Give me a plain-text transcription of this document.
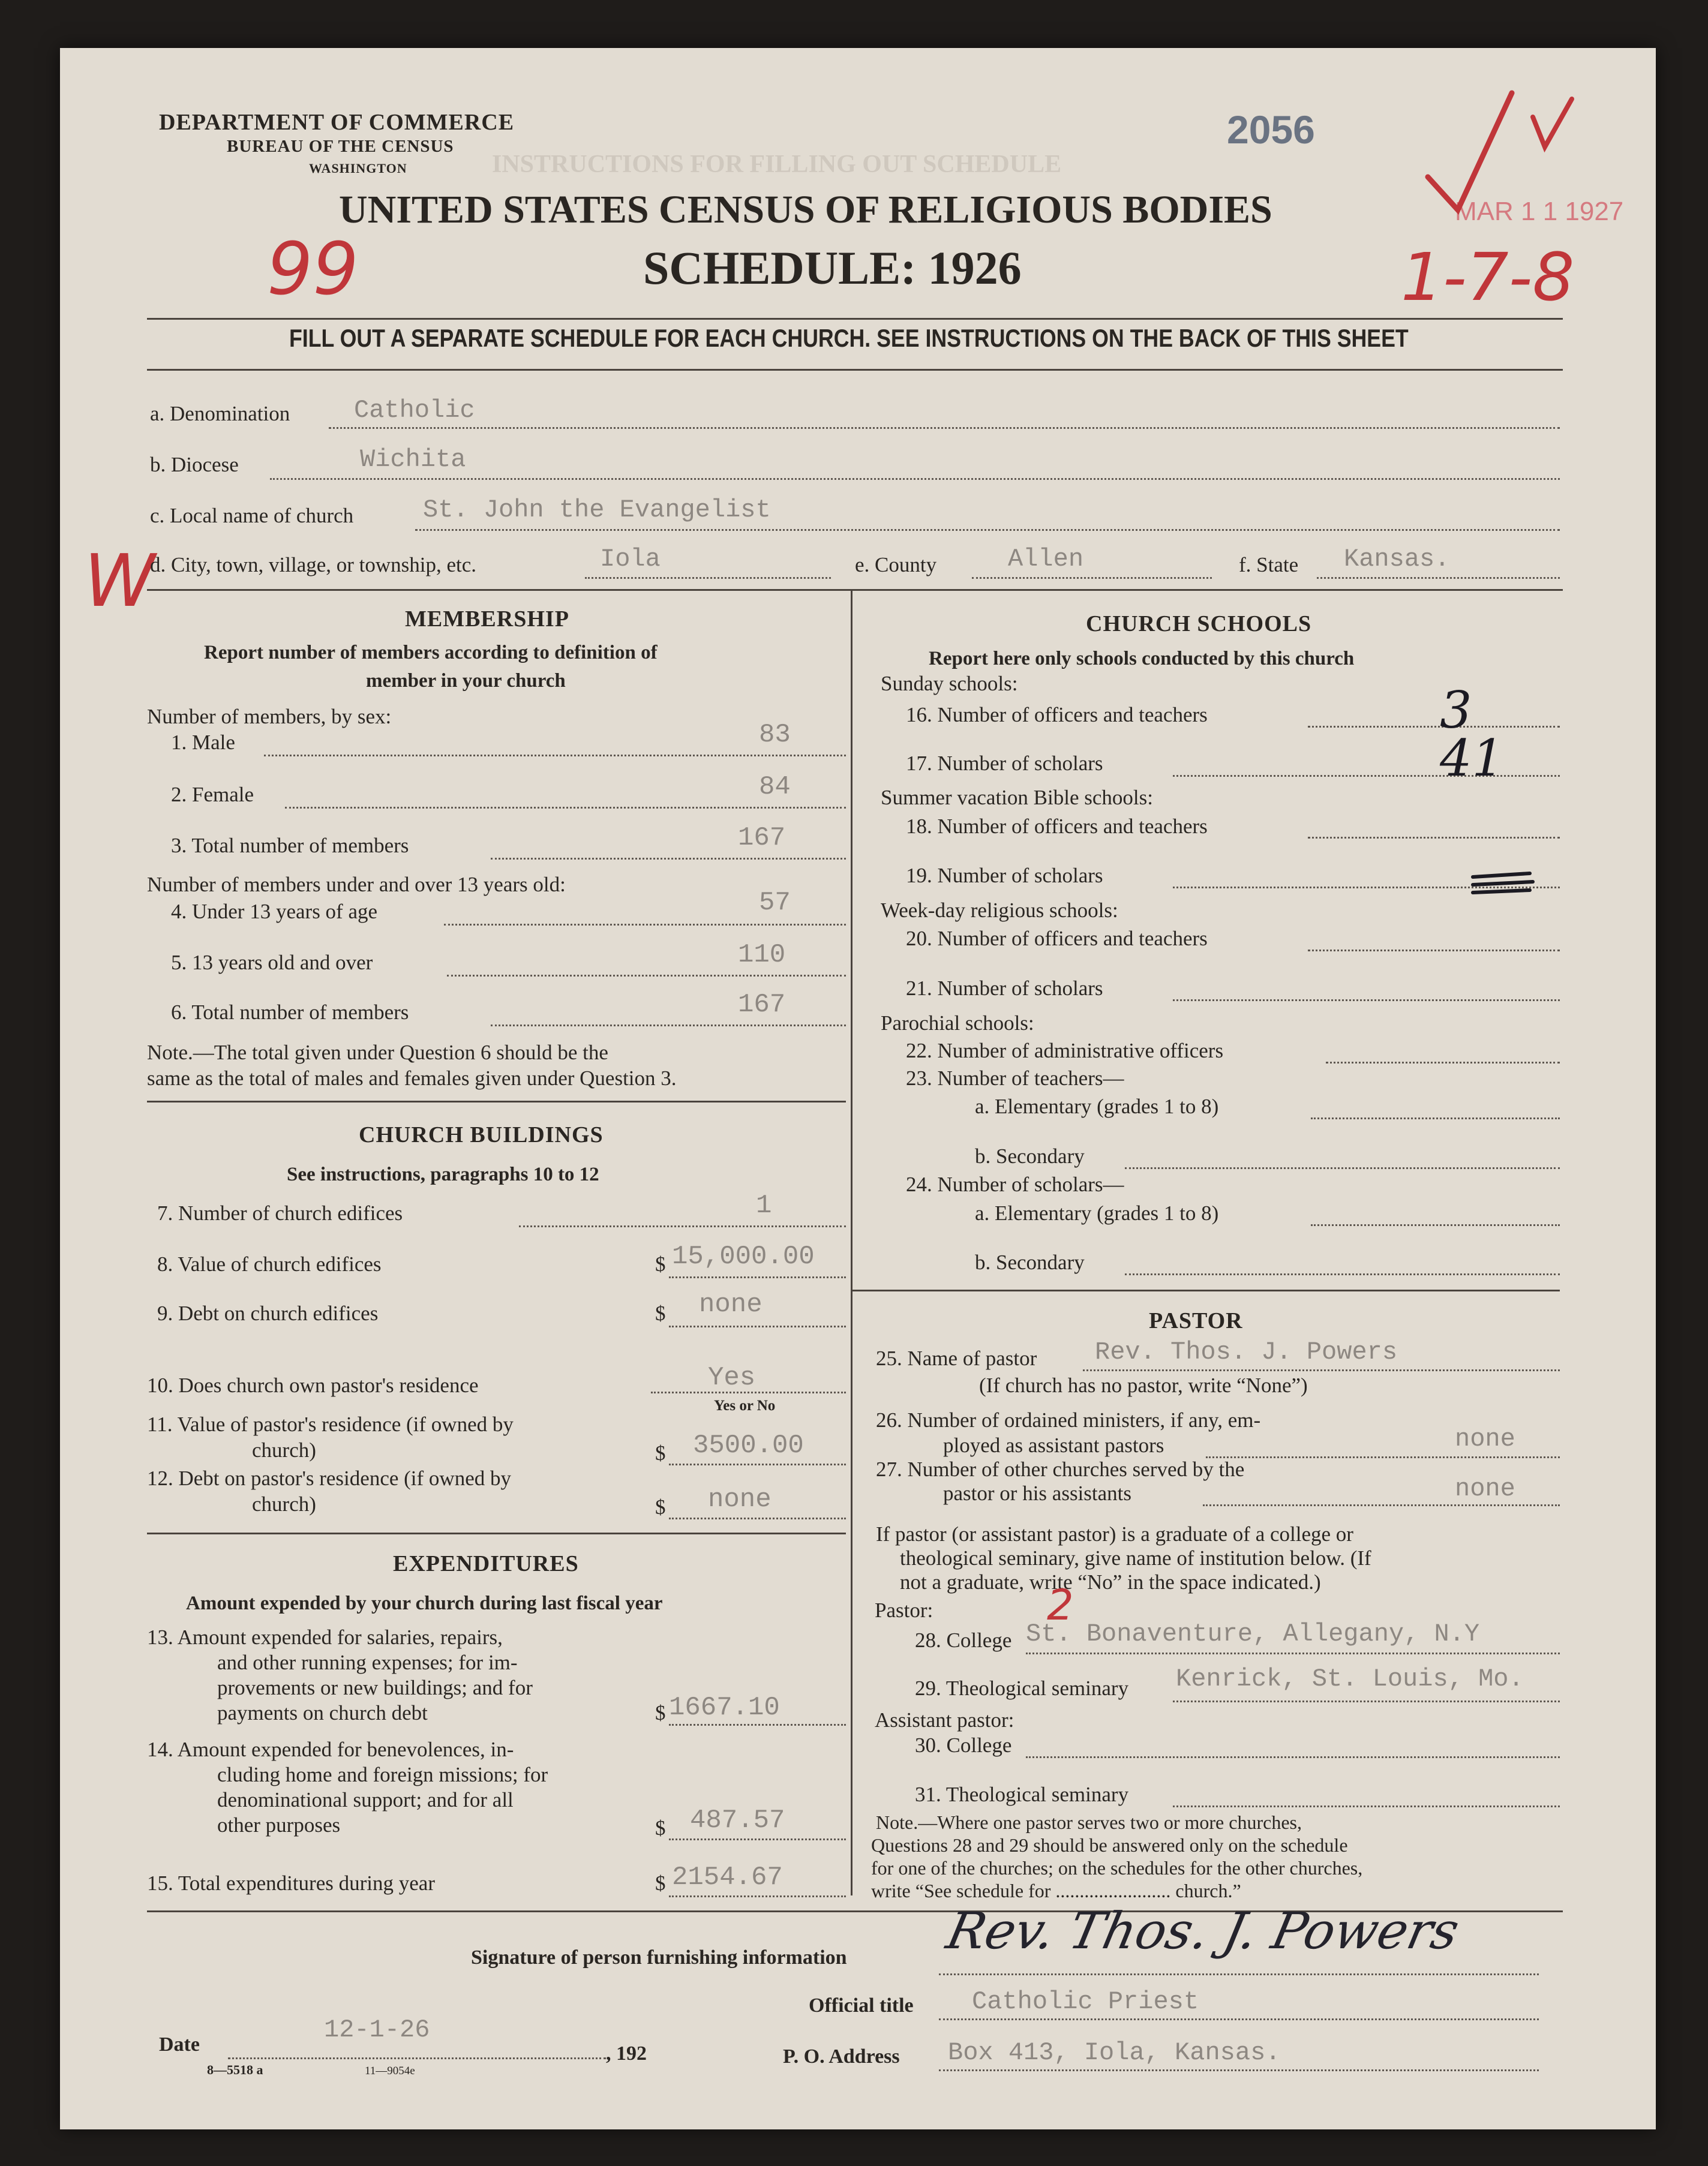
INSTRUCTIONS FOR FILLING OUT SCHEDULE
DEPARTMENT OF COMMERCE
BUREAU OF THE CENSUS
WASHINGTON
2056
UNITED STATES CENSUS OF RELIGIOUS BODIES
SCHEDULE: 1926
FILL OUT A SEPARATE SCHEDULE FOR EACH CHURCH. SEE INSTRUCTIONS ON THE BACK OF THIS SHEET
MAR 1 1 1927
99	1-7-8
W
a. Denomination	Catholic
b. Diocese	Wichita
c. Local name of church	St. John the Evangelist
d. City, town, village, or township, etc.	Iola	e. County	Allen	f. State Kansas.
MEMBERSHIP
Report number of members according to definition of
member in your church
Number of members, by sex:
1. Male	83
2. Female	84
3. Total number of members	167
Number of members under and over 13 years old:
4. Under 13 years of age	57
5. 13 years old and over	110
6. Total number of members	167
Note.—The total given under Question 6 should be the
same as the total of males and females given under Question 3.
CHURCH BUILDINGS
See instructions, paragraphs 10 to 12
7. Number of church edifices	1
8. Value of church edifices	$ 15,000.00
9. Debt on church edifices	$ none
10. Does church own pastor's residence	Yes
Yes or No
11. Value of pastor's residence (if owned by
church)	$ 3500.00
12. Debt on pastor's residence (if owned by
church)	$ none
EXPENDITURES
Amount expended by your church during last fiscal year
13. Amount expended for salaries, repairs,
and other running expenses; for im-
provements or new buildings; and for
payments on church debt	$ 1667.10
14. Amount expended for benevolences, in-
cluding home and foreign missions; for
denominational support; and for all
other purposes	$ 487.57
15. Total expenditures during year	$ 2154.67
CHURCH SCHOOLS
Report here only schools conducted by this church
Sunday schools:
16. Number of officers and teachers	3
17. Number of scholars	41
Summer vacation Bible schools:
18. Number of officers and teachers
19. Number of scholars
Week-day religious schools:
20. Number of officers and teachers
21. Number of scholars
Parochial schools:
22. Number of administrative officers
23. Number of teachers—
a. Elementary (grades 1 to 8)
b. Secondary
24. Number of scholars—
a. Elementary (grades 1 to 8)
b. Secondary
PASTOR
25. Name of pastor Rev. Thos. J. Powers
(If church has no pastor, write “None”)
26. Number of ordained ministers, if any, em-
ployed as assistant pastors	none
27. Number of other churches served by the
pastor or his assistants	none
If pastor (or assistant pastor) is a graduate of a college or
theological seminary, give name of institution below. (If
not a graduate, write “No” in the space indicated.)
Pastor:	2
28. College St. Bonaventure, Allegany, N.Y
29. Theological seminary Kenrick, St. Louis, Mo.
Assistant pastor:
30. College
31. Theological seminary
Note.—Where one pastor serves two or more churches,
Questions 28 and 29 should be answered only on the schedule
for one of the churches; on the schedules for the other churches,
write “See schedule for ........................ church.”
Signature of person furnishing information Rev. Thos. J. Powers
Official title Catholic Priest
P. O. Address Box 413, Iola, Kansas.
Date
12-1-26
, 192
8—5518 a	11—9054e
